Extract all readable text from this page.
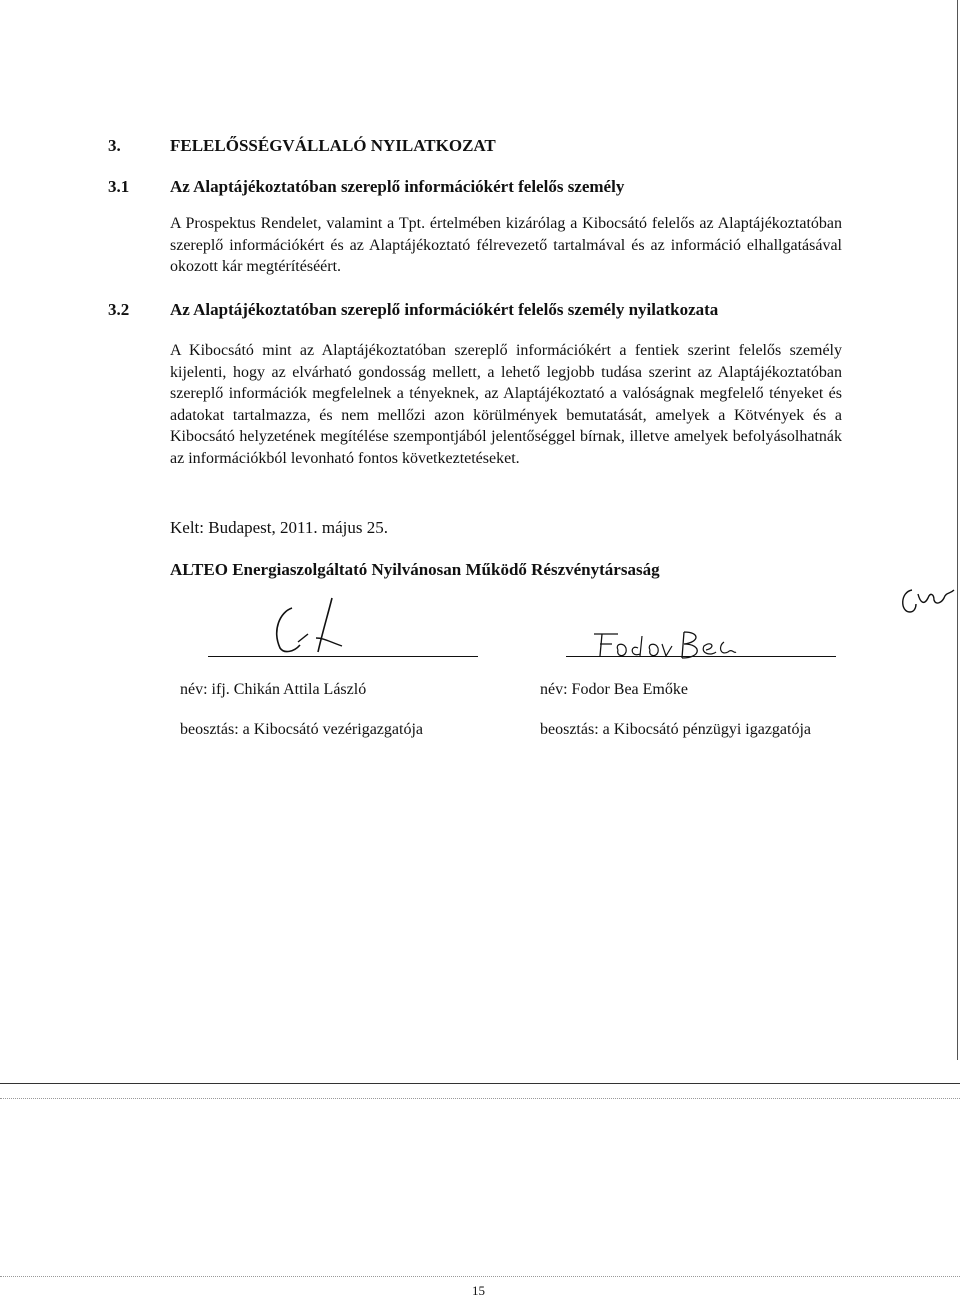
3.	FELELŐSSÉGVÁLLALÓ NYILATKOZAT
3.1 Az Alaptájékoztatóban szereplő információkért felelős személy
A Prospektus Rendelet, valamint a Tpt. értelmében kizárólag a Kibocsátó felelős az Alaptájékoztatóban szereplő információkért és az Alaptájékoztató félrevezető tartalmával és az információ elhallgatásával okozott kár megtérítéséért.
3.2 Az Alaptájékoztatóban szereplő információkért felelős személy nyilatkozata
A Kibocsátó mint az Alaptájékoztatóban szereplő információkért a fentiek szerint felelős személy kijelenti, hogy az elvárható gondosság mellett, a lehető legjobb tudása szerint az Alaptájékoztatóban szereplő információk megfelelnek a tényeknek, az Alaptájékoztató a valóságnak megfelelő tényeket és adatokat tartalmazza, és nem mellőzi azon körülmények bemutatását, amelyek a Kötvények és a Kibocsátó helyzetének megítélése szempontjából jelentőséggel bírnak, illetve amelyek befolyásolhatnák az információkból levonható fontos következtetéseket.
Kelt: Budapest, 2011. május 25.
ALTEO Energiaszolgáltató Nyilvánosan Működő Részvénytársaság
név: ifj. Chikán Attila László	név: Fodor Bea Emőke
beosztás: a Kibocsátó vezérigazgatója	beosztás: a Kibocsátó pénzügyi igazgatója
15
